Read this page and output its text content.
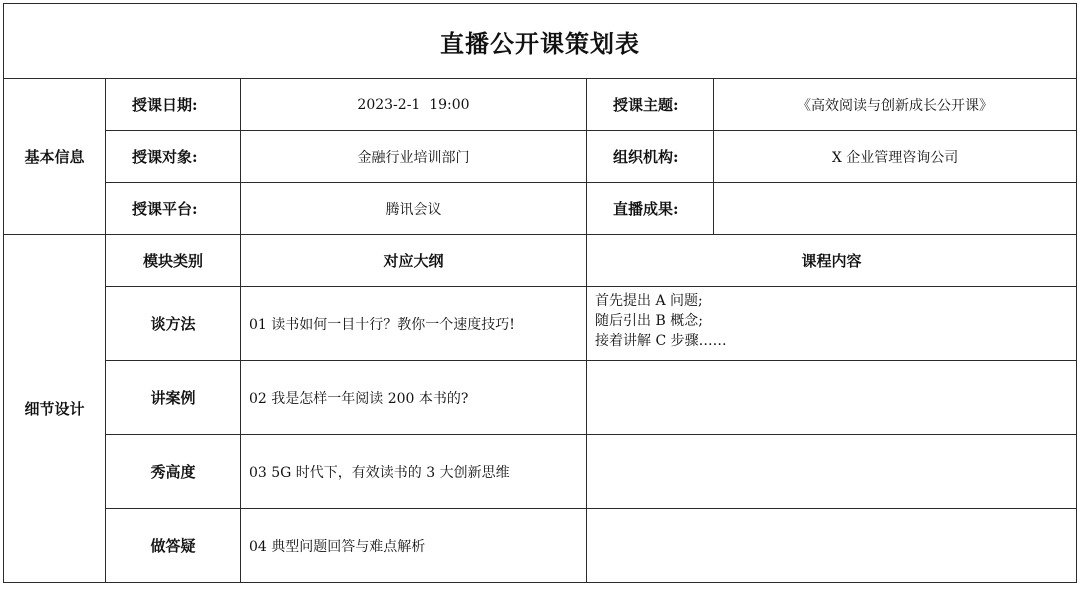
直播公开课策划表				
基本信息	授课日期:	2023-2-1  19:00	授课主题:	《高效阅读与创新成长公开课》
	授课对象:	金融行业培训部门	组织机构:	X 企业管理咨询公司
	授课平台:	腾讯会议	直播成果:	
细节设计	模块类别	对应大纲	课程内容	
	谈方法	01 读书如何一目十行？教你一个速度技巧!	首先提出 A 问题;
随后引出 B 概念;
接着讲解 C 步骤……	

	讲案例	02 我是怎样一年阅读 200 本书的?		
	秀高度	03 5G 时代下，有效读书的 3 大创新思维		
	做答疑	04 典型问题回答与难点解析		
